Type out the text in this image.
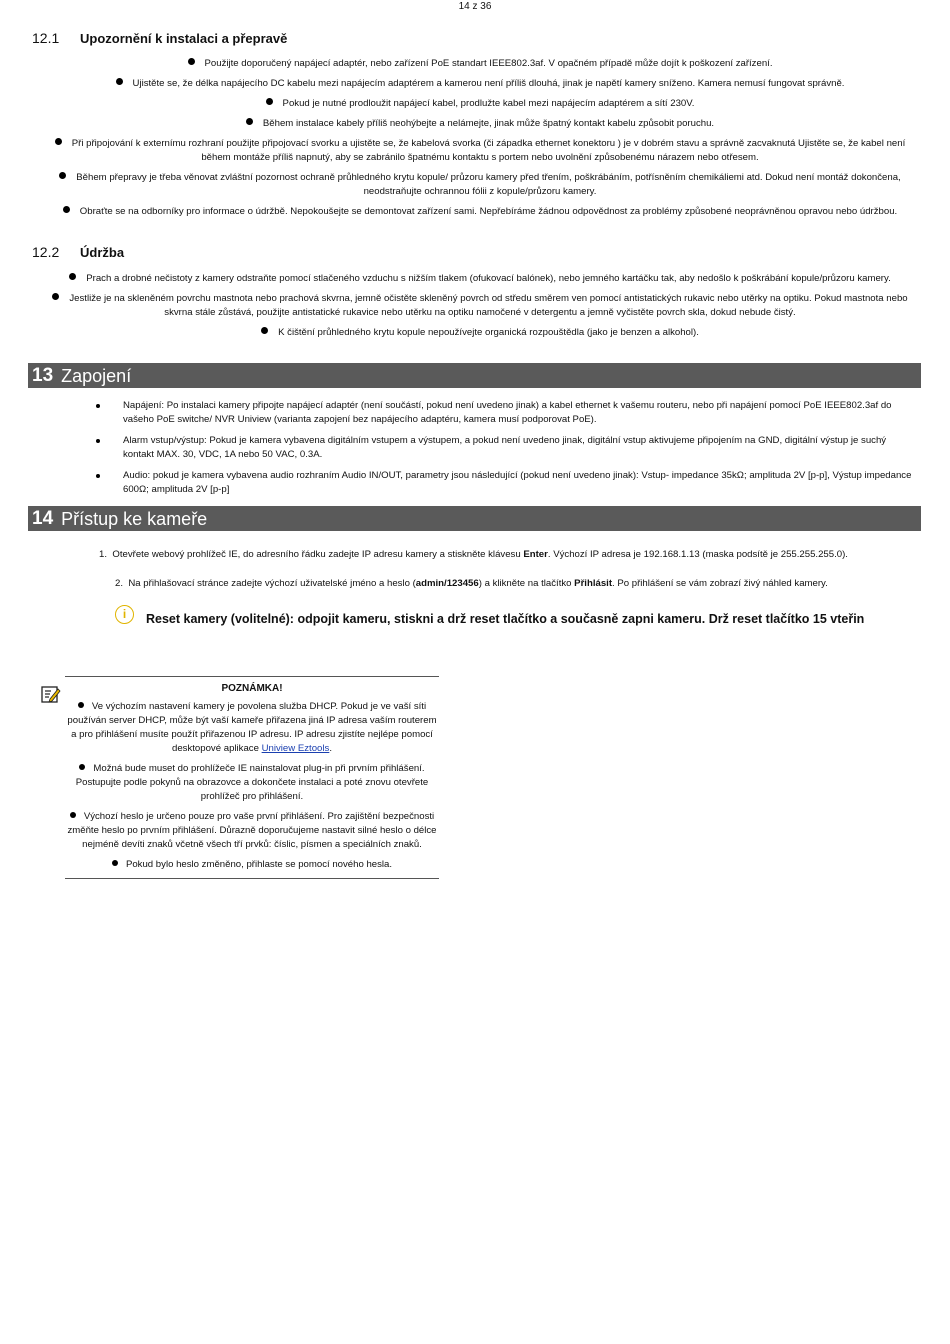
14 z 36
12.1	Upozornění k instalaci a přepravě
Použijte doporučený napájecí adaptér, nebo zařízení PoE standart IEEE802.3af. V opačném případě může dojít k poškození zařízení.
Ujistěte se, že délka napájecího DC kabelu mezi napájecím adaptérem a kamerou není příliš dlouhá, jinak je napětí kamery sníženo. Kamera nemusí fungovat správně.
Pokud je nutné prodloužit napájecí kabel, prodlužte kabel mezi napájecím adaptérem a sítí 230V.
Během instalace kabely příliš neohýbejte a nelámejte, jinak může špatný kontakt kabelu způsobit poruchu.
Při připojování k externímu rozhraní použijte připojovací svorku a ujistěte se, že kabelová svorka (či západka ethernet konektoru ) je v dobrém stavu a správně zacvaknutá Ujistěte se, že kabel není během montáže příliš napnutý, aby se zabránilo špatnému kontaktu s portem nebo uvolnění způsobenému nárazem nebo otřesem.
Během přepravy je třeba věnovat zvláštní pozornost ochraně průhledného krytu kopule/ průzoru kamery před třením, poškrábáním, potřísněním chemikáliemi atd. Dokud není montáž dokončena, neodstraňujte ochrannou fólii z kopule/průzoru kamery.
Obraťte se na odborníky pro informace o údržbě. Nepokoušejte se demontovat zařízení sami. Nepřebíráme žádnou odpovědnost za problémy způsobené neoprávněnou opravou nebo údržbou.
12.2	Údržba
Prach a drobné nečistoty z kamery odstraňte pomocí stlačeného vzduchu s nižším tlakem (ofukovací balónek), nebo jemného kartáčku tak, aby nedošlo k poškrábání kopule/průzoru kamery.
Jestliže je na skleněném povrchu mastnota nebo prachová skvrna, jemně očistěte skleněný povrch od středu směrem ven pomocí antistatických rukavic nebo utěrky na optiku. Pokud mastnota nebo skvrna stále zůstává, použijte antistatické rukavice nebo utěrku na optiku namočené v detergentu a jemně vyčistěte povrch skla, dokud nebude čistý.
K čištění průhledného krytu kopule nepoužívejte organická rozpouštědla (jako je benzen a alkohol).
13 Zapojení
Napájení: Po instalaci kamery připojte napájecí adaptér (není součástí, pokud není uvedeno jinak) a kabel ethernet k vašemu routeru, nebo při napájení pomocí PoE IEEE802.3af do vašeho PoE switche/ NVR Uniview (varianta zapojení bez napájecího adaptéru, kamera musí podporovat PoE).
Alarm vstup/výstup: Pokud je kamera vybavena digitálním vstupem a výstupem, a pokud není uvedeno jinak, digitální vstup aktivujeme připojením na GND, digitální výstup je suchý kontakt MAX. 30, VDC, 1A nebo 50 VAC, 0.3A.
Audio: pokud je kamera vybavena audio rozhraním Audio IN/OUT, parametry jsou následující (pokud není uvedeno jinak): Vstup- impedance 35kΩ; amplituda 2V [p-p], Výstup impedance 600Ω; amplituda 2V [p-p]
14 Přístup ke kameře
1. Otevřete webový prohlížeč IE, do adresního řádku zadejte IP adresu kamery a stiskněte klávesu Enter. Výchozí IP adresa je 192.168.1.13 (maska podsítě je 255.255.255.0).
2. Na přihlašovací stránce zadejte výchozí uživatelské jméno a heslo (admin/123456) a klikněte na tlačítko Přihlásit. Po přihlášení se vám zobrazí živý náhled kamery.
i	Reset kamery (volitelné): odpojit kameru, stiskni a drž reset tlačítko a současně zapni kameru. Drž reset tlačítko 15 vteřin
POZNÁMKA!
Ve výchozím nastavení kamery je povolena služba DHCP. Pokud je ve vaší síti používán server DHCP, může být vaší kameře přiřazena jiná IP adresa vaším routerem a pro přihlášení musíte použít přiřazenou IP adresu. IP adresu zjistíte nejlépe pomocí desktopové aplikace Uniview Eztools.
Možná bude muset do prohlížeče IE nainstalovat plug-in při prvním přihlášení. Postupujte podle pokynů na obrazovce a dokončete instalaci a poté znovu otevřete prohlížeč pro přihlášení.
Výchozí heslo je určeno pouze pro vaše první přihlášení. Pro zajištění bezpečnosti změňte heslo po prvním přihlášení. Důrazně doporučujeme nastavit silné heslo o délce nejméně devíti znaků včetně všech tří prvků: číslic, písmen a speciálních znaků.
Pokud bylo heslo změněno, přihlaste se pomocí nového hesla.
